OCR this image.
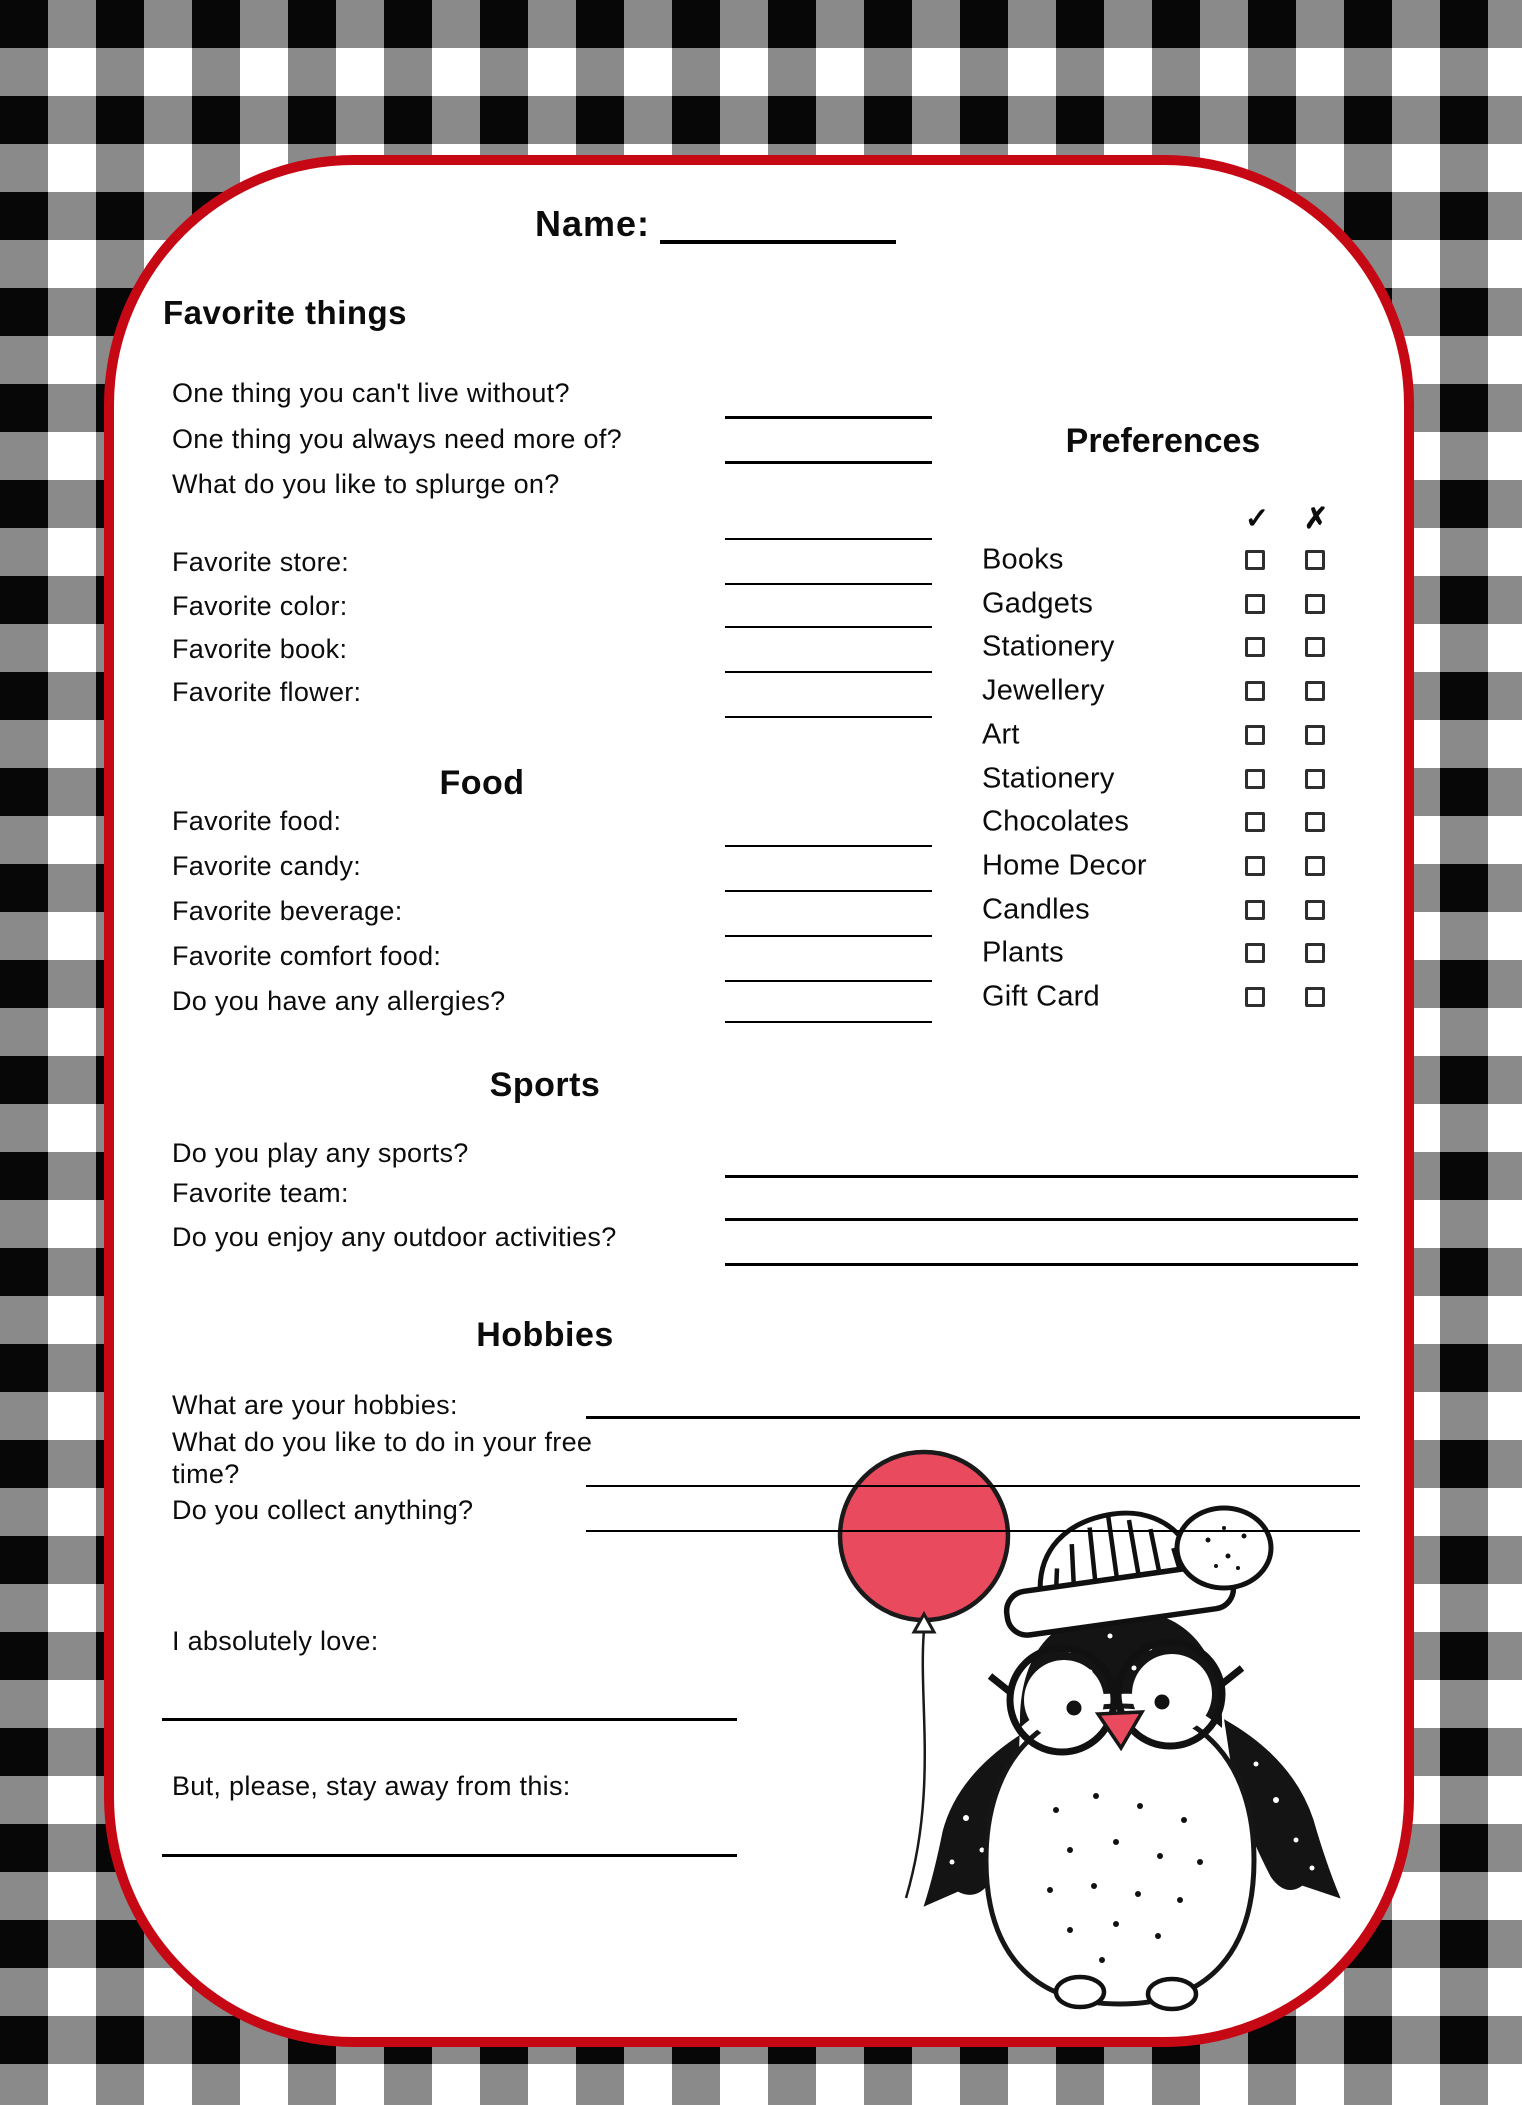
Name:
Favorite things
One thing you can't live without?
One thing you always need more of?
What do you like to splurge on?
Favorite store:
Favorite color:
Favorite book:
Favorite flower:
Preferences
✓ ✗
Books
Gadgets
Stationery
Jewellery
Art
Stationery
Chocolates
Home Decor
Candles
Plants
Gift Card
Food
Favorite food:
Favorite candy:
Favorite beverage:
Favorite comfort food:
Do you have any allergies?
Sports
Do you play any sports?
Favorite team:
Do you enjoy any outdoor activities?
Hobbies
What are your hobbies:
What do you like to do in your free time?
Do you collect anything?
I absolutely love:
But, please, stay away from this:
